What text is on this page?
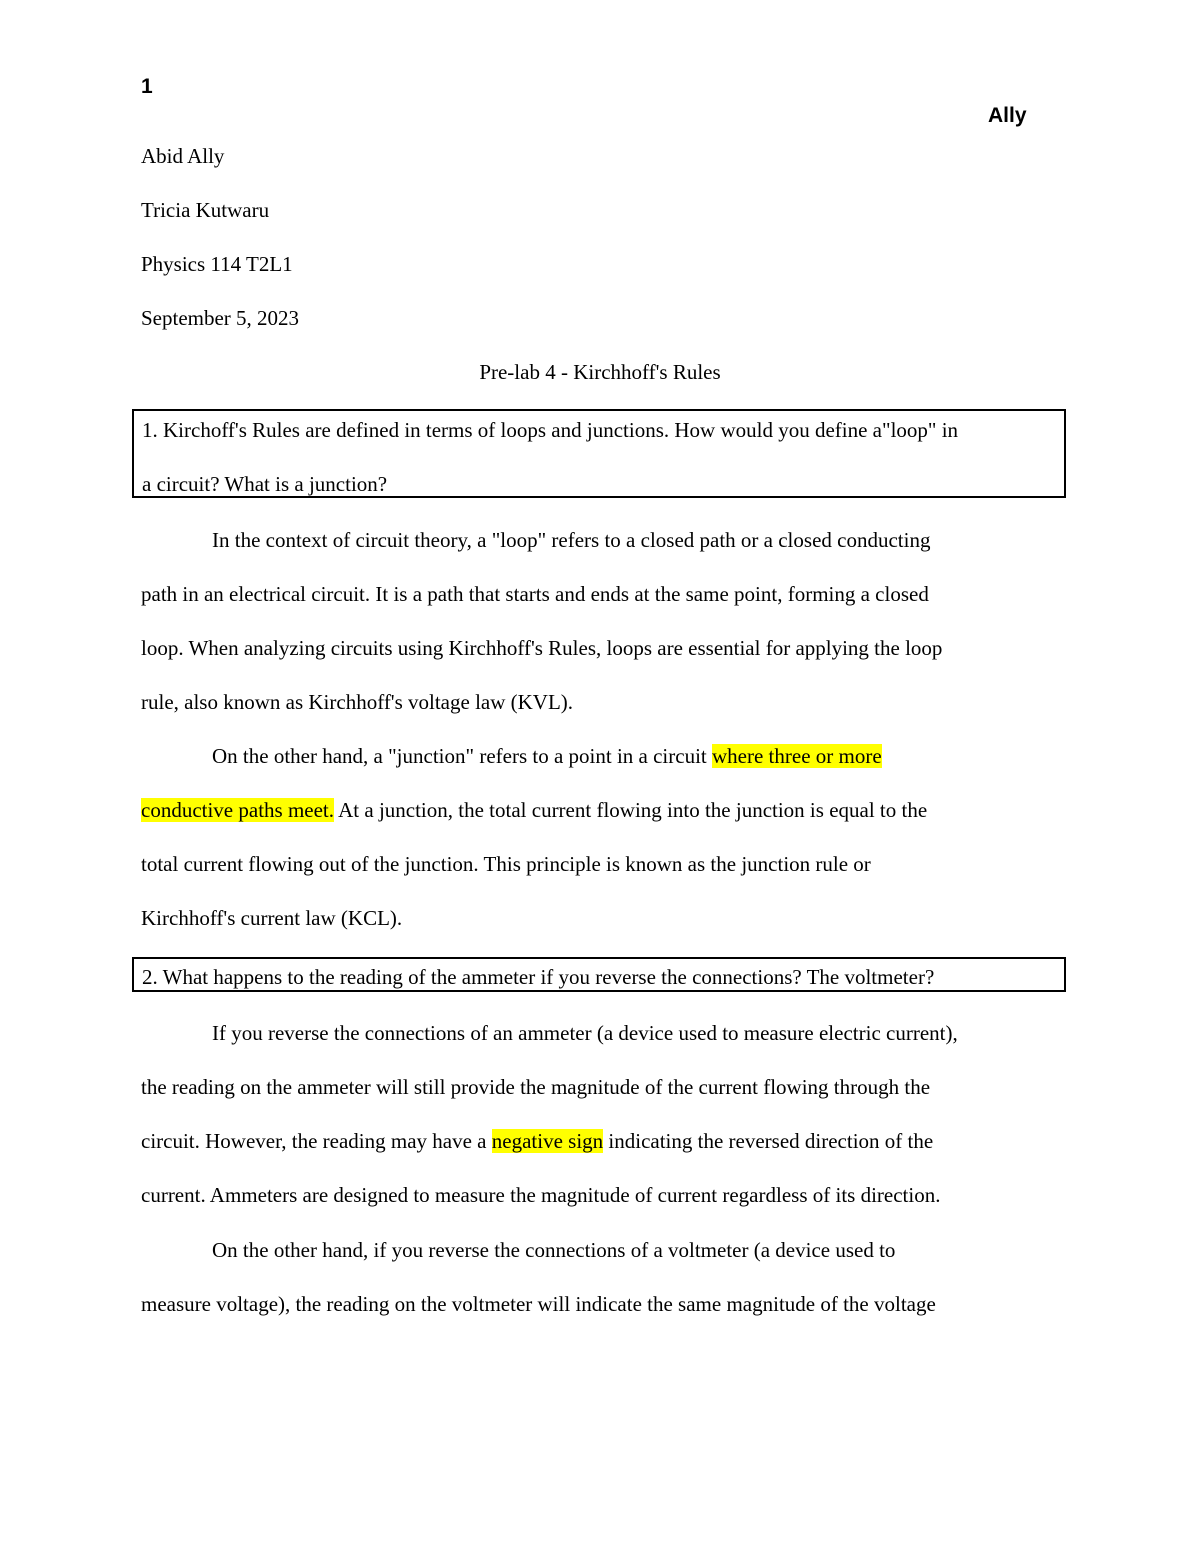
1
Ally
Abid Ally
Tricia Kutwaru
Physics 114 T2L1
September 5, 2023
Pre-lab 4 - Kirchhoff's Rules
1. Kirchoff's Rules are defined in terms of loops and junctions. How would you define a"loop" in
a circuit? What is a junction?
In the context of circuit theory, a "loop" refers to a closed path or a closed conducting
path in an electrical circuit. It is a path that starts and ends at the same point, forming a closed
loop. When analyzing circuits using Kirchhoff's Rules, loops are essential for applying the loop
rule, also known as Kirchhoff's voltage law (KVL).
On the other hand, a "junction" refers to a point in a circuit where three or more
conductive paths meet. At a junction, the total current flowing into the junction is equal to the
total current flowing out of the junction. This principle is known as the junction rule or
Kirchhoff's current law (KCL).
2. What happens to the reading of the ammeter if you reverse the connections? The voltmeter?
If you reverse the connections of an ammeter (a device used to measure electric current),
the reading on the ammeter will still provide the magnitude of the current flowing through the
circuit. However, the reading may have a negative sign indicating the reversed direction of the
current. Ammeters are designed to measure the magnitude of current regardless of its direction.
On the other hand, if you reverse the connections of a voltmeter (a device used to
measure voltage), the reading on the voltmeter will indicate the same magnitude of the voltage
